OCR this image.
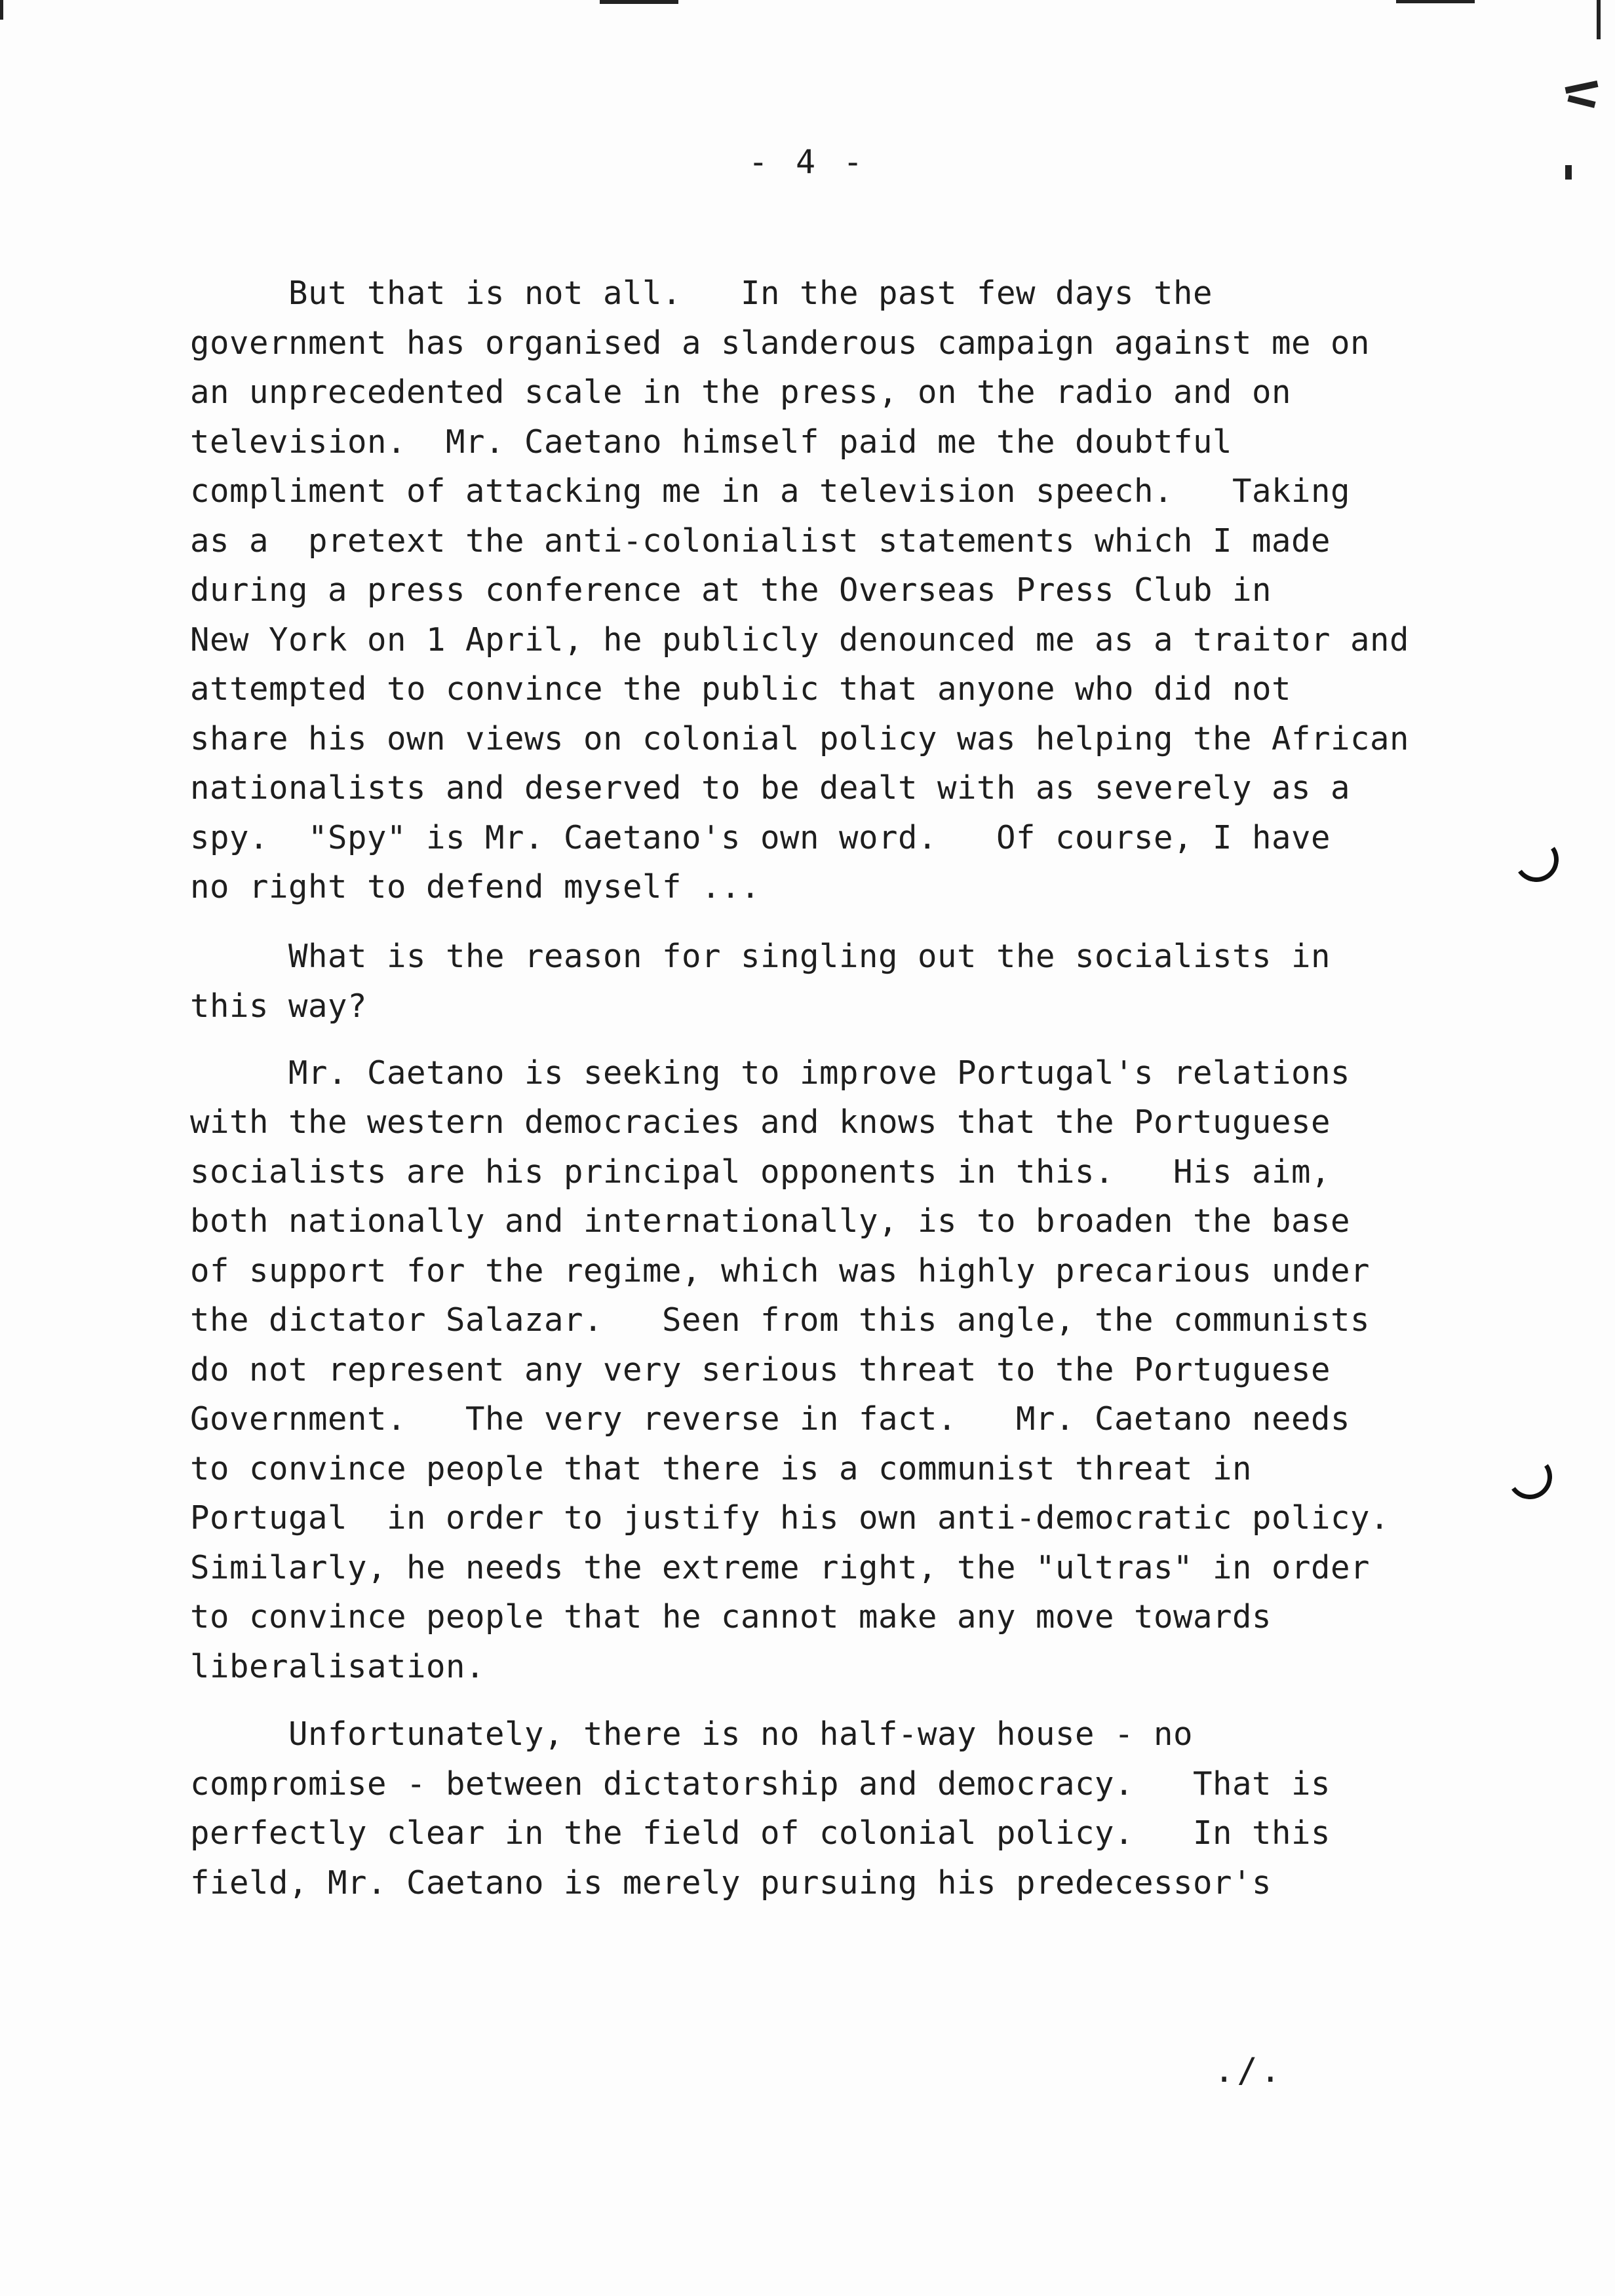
- 4 -
But that is not all.   In the past few days the
government has organised a slanderous campaign against me on
an unprecedented scale in the press, on the radio and on
television.  Mr. Caetano himself paid me the doubtful
compliment of attacking me in a television speech.   Taking
as a  pretext the anti-colonialist statements which I made
during a press conference at the Overseas Press Club in
New York on 1 April, he publicly denounced me as a traitor and
attempted to convince the public that anyone who did not
share his own views on colonial policy was helping the African
nationalists and deserved to be dealt with as severely as a
spy.  "Spy" is Mr. Caetano's own word.   Of course, I have
no right to defend myself ...
What is the reason for singling out the socialists in
this way?
Mr. Caetano is seeking to improve Portugal's relations
with the western democracies and knows that the Portuguese
socialists are his principal opponents in this.   His aim,
both nationally and internationally, is to broaden the base
of support for the regime, which was highly precarious under
the dictator Salazar.   Seen from this angle, the communists
do not represent any very serious threat to the Portuguese
Government.   The very reverse in fact.   Mr. Caetano needs
to convince people that there is a communist threat in
Portugal  in order to justify his own anti-democratic policy.
Similarly, he needs the extreme right, the "ultras" in order
to convince people that he cannot make any move towards
liberalisation.
Unfortunately, there is no half-way house - no
compromise - between dictatorship and democracy.   That is
perfectly clear in the field of colonial policy.   In this
field, Mr. Caetano is merely pursuing his predecessor's
./.
